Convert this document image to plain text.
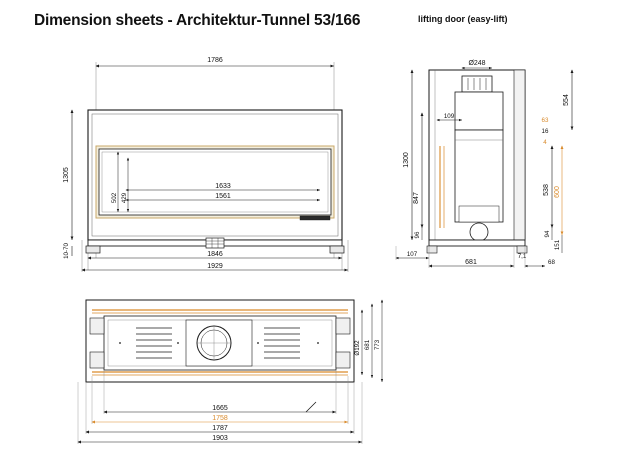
Dimension sheets - Architektur-Tunnel 53/166	lifting door (easy-lift)
1786
1305
10-70
1633
1561
502 429
1846
1929
Ø248
554
538 600
94
151
63
16
4
1300
847
96
109
107
681
7,1
68
Ø192 681 773
1665
1758
1787
1903
